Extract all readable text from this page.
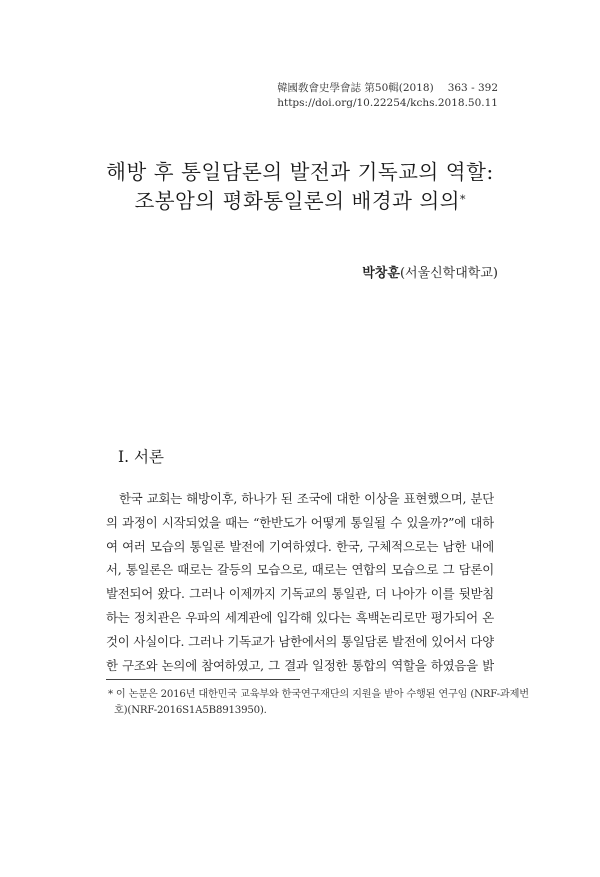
韓國敎會史學會誌 第50輯(2018) 363 - 392
https://doi.org/10.22254/kchs.2018.50.11
해방 후 통일담론의 발전과 기독교의 역할:
조봉암의 평화통일론의 배경과 의의*
박창훈(서울신학대학교)
I. 서론
한국 교회는 해방이후, 하나가 된 조국에 대한 이상을 표현했으며, 분단
의 과정이 시작되었을 때는 “한반도가 어떻게 통일될 수 있을까?”에 대하
여 여러 모습의 통일론 발전에 기여하였다. 한국, 구체적으로는 남한 내에
서, 통일론은 때로는 갈등의 모습으로, 때로는 연합의 모습으로 그 담론이
발전되어 왔다. 그러나 이제까지 기독교의 통일관, 더 나아가 이를 뒷받침
하는 정치관은 우파의 세계관에 입각해 있다는 흑백논리로만 평가되어 온
것이 사실이다. 그러나 기독교가 남한에서의 통일담론 발전에 있어서 다양
한 구조와 논의에 참여하였고, 그 결과 일정한 통합의 역할을 하였음을 밝
* 이 논문은 2016년 대한민국 교육부와 한국연구재단의 지원을 받아 수행된 연구임 (NRF-과제번
호)(NRF-2016S1A5B8913950).
